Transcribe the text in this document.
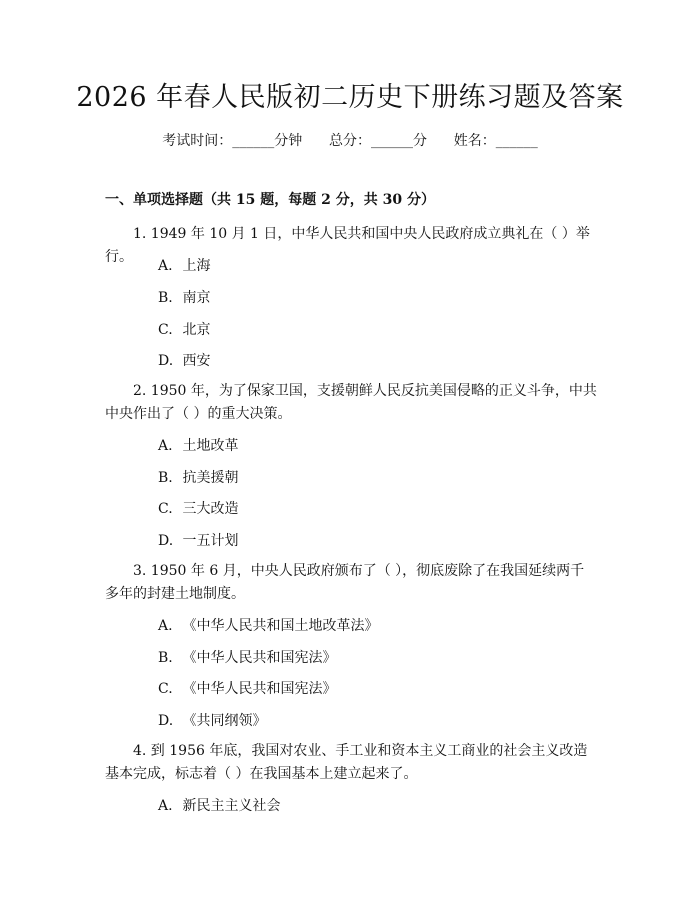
2026 年春人民版初二历史下册练习题及答案
考试时间：______分钟 总分：______分 姓名：______
一、单项选择题（共 15 题，每题 2 分，共 30 分）
1. 1949 年 10 月 1 日，中华人民共和国中央人民政府成立典礼在（ ）举行。
A. 上海
B. 南京
C. 北京
D. 西安
2. 1950 年，为了保家卫国，支援朝鲜人民反抗美国侵略的正义斗争，中共中央作出了（ ）的重大决策。
A. 土地改革
B. 抗美援朝
C. 三大改造
D. 一五计划
3. 1950 年 6 月，中央人民政府颁布了（ ），彻底废除了在我国延续两千多年的封建土地制度。
A. 《中华人民共和国土地改革法》
B. 《中华人民共和国宪法》
C. 《中华人民共和国宪法》
D. 《共同纲领》
4. 到 1956 年底，我国对农业、手工业和资本主义工商业的社会主义改造基本完成，标志着（ ）在我国基本上建立起来了。
A. 新民主主义社会
